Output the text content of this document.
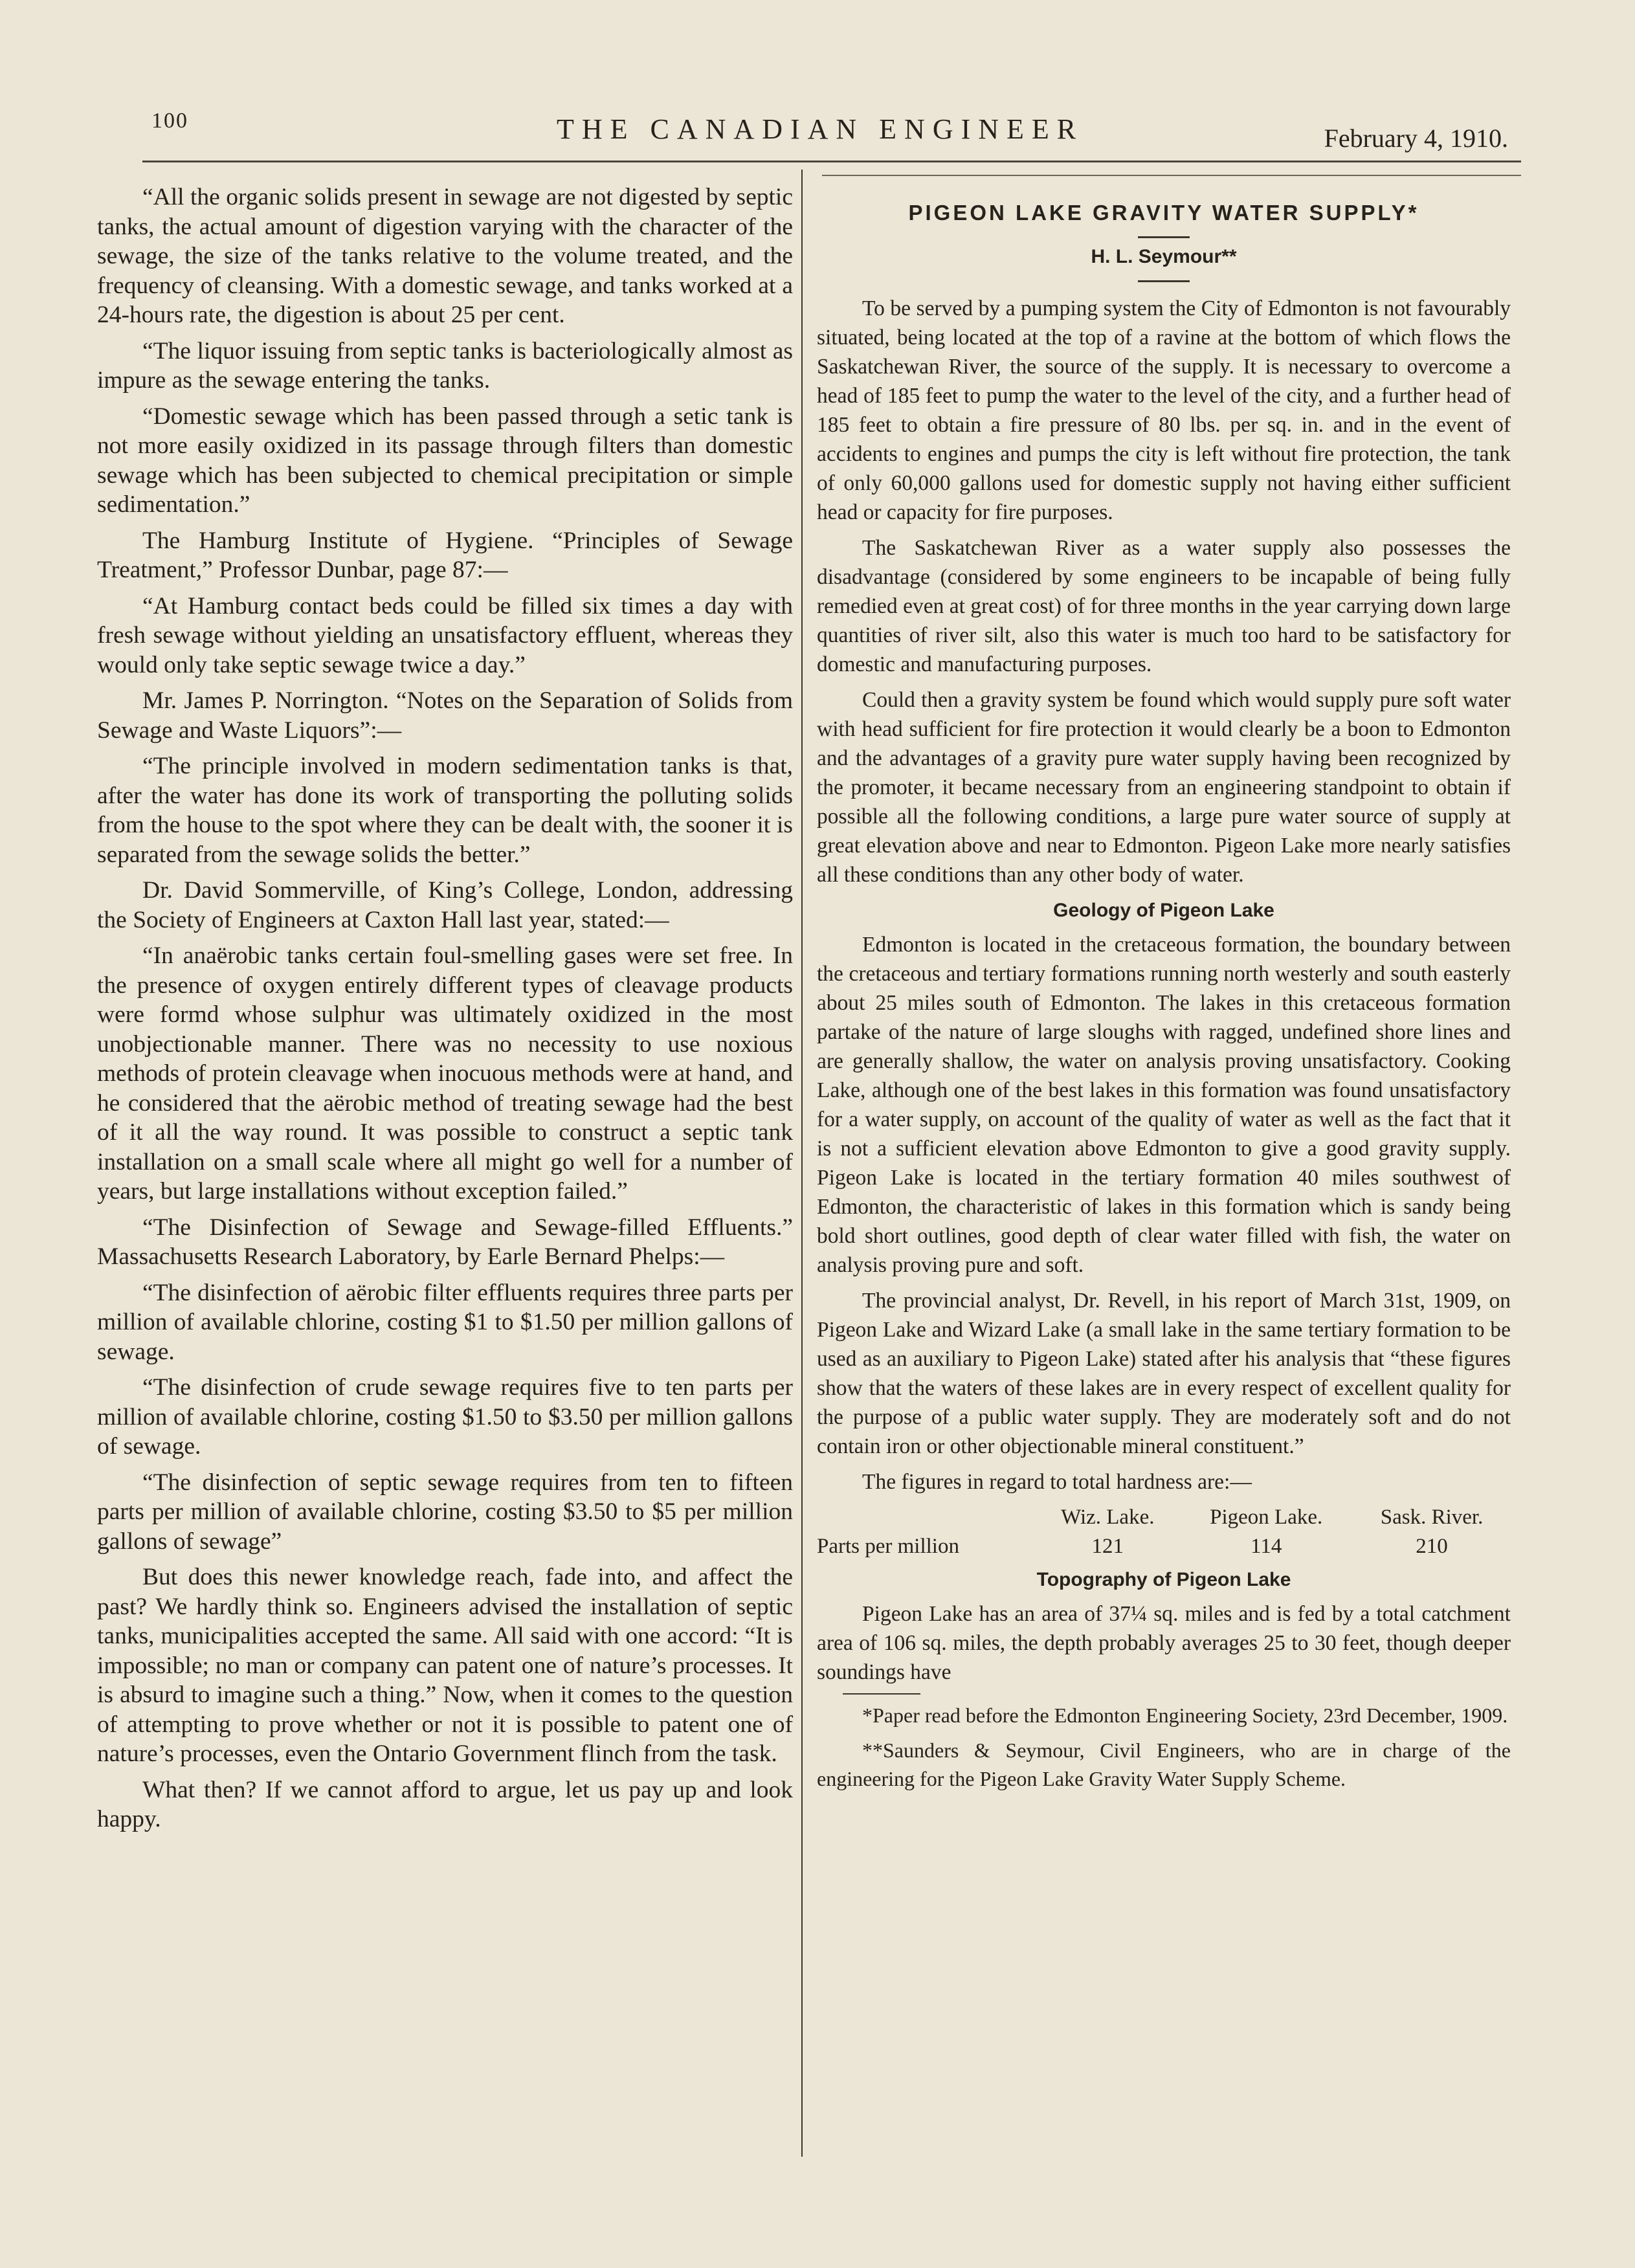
100	THE CANADIAN ENGINEER	February 4, 1910.

“All the organic solids present in sewage are not digested by septic tanks, the actual amount of digestion varying with the character of the sewage, the size of the tanks relative to the volume treated, and the frequency of cleansing. With a domestic sewage, and tanks worked at a 24-hours rate, the digestion is about 25 per cent.

“The liquor issuing from septic tanks is bacteriologically almost as impure as the sewage entering the tanks.

“Domestic sewage which has been passed through a setic tank is not more easily oxidized in its passage through filters than domestic sewage which has been subjected to chemical precipitation or simple sedimentation.”

The Hamburg Institute of Hygiene. “Principles of Sewage Treatment,” Professor Dunbar, page 87:—

“At Hamburg contact beds could be filled six times a day with fresh sewage without yielding an unsatisfactory effluent, whereas they would only take septic sewage twice a day.”

Mr. James P. Norrington. “Notes on the Separation of Solids from Sewage and Waste Liquors”:—

“The principle involved in modern sedimentation tanks is that, after the water has done its work of transporting the polluting solids from the house to the spot where they can be dealt with, the sooner it is separated from the sewage solids the better.”

Dr. David Sommerville, of King’s College, London, addressing the Society of Engineers at Caxton Hall last year, stated:—

“In anaërobic tanks certain foul-smelling gases were set free. In the presence of oxygen entirely different types of cleavage products were formd whose sulphur was ultimately oxidized in the most unobjectionable manner. There was no necessity to use noxious methods of protein cleavage when inocuous methods were at hand, and he considered that the aërobic method of treating sewage had the best of it all the way round. It was possible to construct a septic tank installation on a small scale where all might go well for a number of years, but large installations without exception failed.”

“The Disinfection of Sewage and Sewage-filled Effluents.” Massachusetts Research Laboratory, by Earle Bernard Phelps:—

“The disinfection of aërobic filter effluents requires three parts per million of available chlorine, costing $1 to $1.50 per million gallons of sewage.

“The disinfection of crude sewage requires five to ten parts per million of available chlorine, costing $1.50 to $3.50 per million gallons of sewage.

“The disinfection of septic sewage requires from ten to fifteen parts per million of available chlorine, costing $3.50 to $5 per million gallons of sewage”

But does this newer knowledge reach, fade into, and affect the past? We hardly think so. Engineers advised the installation of septic tanks, municipalities accepted the same. All said with one accord: “It is impossible; no man or company can patent one of nature’s processes. It is absurd to imagine such a thing.” Now, when it comes to the question of attempting to prove whether or not it is possible to patent one of nature’s processes, even the Ontario Government flinch from the task.

What then? If we cannot afford to argue, let us pay up and look happy.

PIGEON LAKE GRAVITY WATER SUPPLY*
H. L. Seymour**

To be served by a pumping system the City of Edmonton is not favourably situated, being located at the top of a ravine at the bottom of which flows the Saskatchewan River, the source of the supply. It is necessary to overcome a head of 185 feet to pump the water to the level of the city, and a further head of 185 feet to obtain a fire pressure of 80 lbs. per sq. in. and in the event of accidents to engines and pumps the city is left without fire protection, the tank of only 60,000 gallons used for domestic supply not having either sufficient head or capacity for fire purposes.

The Saskatchewan River as a water supply also possesses the disadvantage (considered by some engineers to be incapable of being fully remedied even at great cost) of for three months in the year carrying down large quantities of river silt, also this water is much too hard to be satisfactory for domestic and manufacturing purposes.

Could then a gravity system be found which would supply pure soft water with head sufficient for fire protection it would clearly be a boon to Edmonton and the advantages of a gravity pure water supply having been recognized by the promoter, it became necessary from an engineering standpoint to obtain if possible all the following conditions, a large pure water source of supply at great elevation above and near to Edmonton. Pigeon Lake more nearly satisfies all these conditions than any other body of water.

Geology of Pigeon Lake

Edmonton is located in the cretaceous formation, the boundary between the cretaceous and tertiary formations running north westerly and south easterly about 25 miles south of Edmonton. The lakes in this cretaceous formation partake of the nature of large sloughs with ragged, undefined shore lines and are generally shallow, the water on analysis proving unsatisfactory. Cooking Lake, although one of the best lakes in this formation was found unsatisfactory for a water supply, on account of the quality of water as well as the fact that it is not a sufficient elevation above Edmonton to give a good gravity supply. Pigeon Lake is located in the tertiary formation 40 miles southwest of Edmonton, the characteristic of lakes in this formation which is sandy being bold short outlines, good depth of clear water filled with fish, the water on analysis proving pure and soft.

The provincial analyst, Dr. Revell, in his report of March 31st, 1909, on Pigeon Lake and Wizard Lake (a small lake in the same tertiary formation to be used as an auxiliary to Pigeon Lake) stated after his analysis that “these figures show that the waters of these lakes are in every respect of excellent quality for the purpose of a public water supply. They are moderately soft and do not contain iron or other objectionable mineral constituent.”

The figures in regard to total hardness are:—

	Wiz. Lake.	Pigeon Lake.	Sask. River.
Parts per million	121	114	210
Topography of Pigeon Lake

Pigeon Lake has an area of 37¼ sq. miles and is fed by a total catchment area of 106 sq. miles, the depth probably averages 25 to 30 feet, though deeper soundings have

*Paper read before the Edmonton Engineering Society, 23rd December, 1909.

**Saunders & Seymour, Civil Engineers, who are in charge of the engineering for the Pigeon Lake Gravity Water Supply Scheme.
